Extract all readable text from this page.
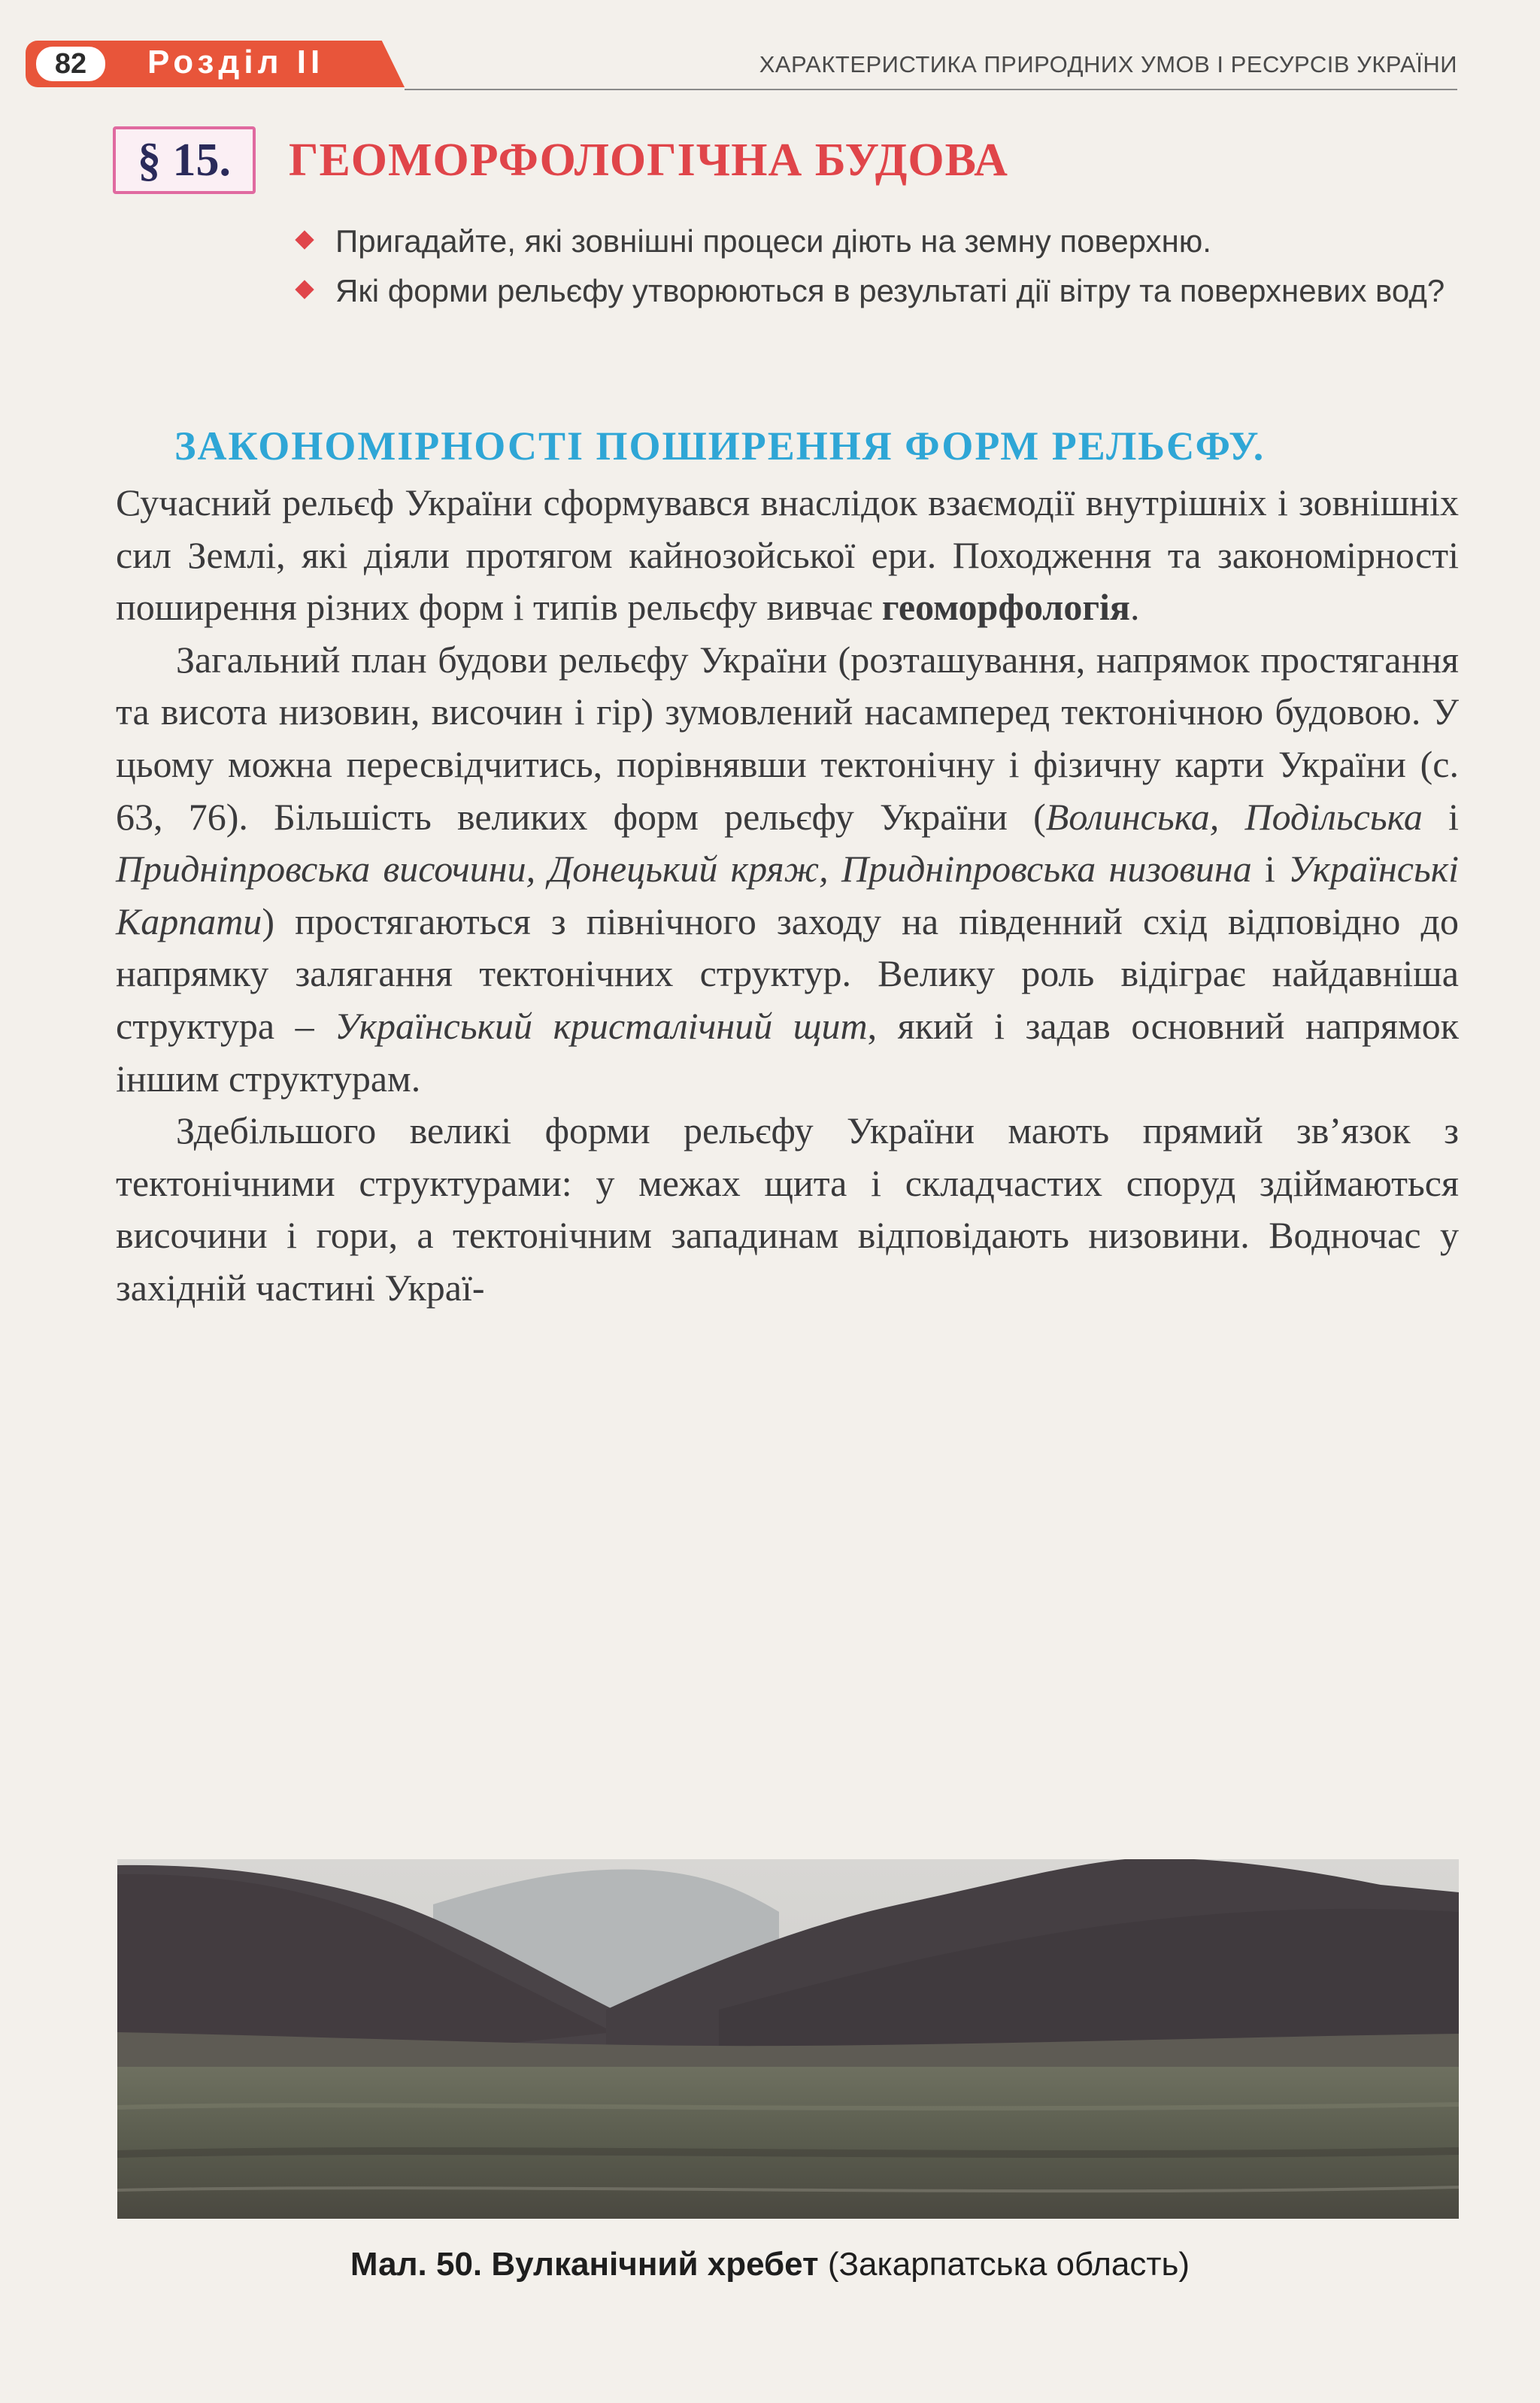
82	Розділ ІІ	ХАРАКТЕРИСТИКА ПРИРОДНИХ УМОВ І РЕСУРСІВ УКРАЇНИ
§ 15.	ГЕОМОРФОЛОГІЧНА БУДОВА
Пригадайте, які зовнішні процеси діють на земну поверхню.
Які форми рельєфу утворюються в результаті дії вітру та поверхневих вод?
ЗАКОНОМІРНОСТІ ПОШИРЕННЯ ФОРМ РЕЛЬЄФУ.

Сучасний рельєф України сформувався внаслідок взаємодії внутрішніх і зовнішніх сил Землі, які діяли протягом кайнозойської ери. Походження та закономірності поширення різних форм і типів рельєфу вивчає геоморфологія.

Загальний план будови рельєфу України (розташування, напрямок простягання та висота низовин, височин і гір) зумовлений насамперед тектонічною будовою. У цьому можна пересвідчитись, порівнявши тектонічну і фізичну карти України (с. 63, 76). Більшість великих форм рельєфу України (Волинська, Подільська і Придніпровська височини, Донецький кряж, Придніпровська низовина і Українські Карпати) простягаються з північного заходу на південний схід відповідно до напрямку залягання тектонічних структур. Велику роль відіграє найдавніша структура – Український кристалічний щит, який і задав основний напрямок іншим структурам.

Здебільшого великі форми рельєфу України мають прямий зв’язок з тектонічними структурами: у межах щита і складчастих споруд здіймаються височини і гори, а тектонічним западинам відповідають низовини. Водночас у західній частині Украї-

Мал. 50. Вулканічний хребет (Закарпатська область)
